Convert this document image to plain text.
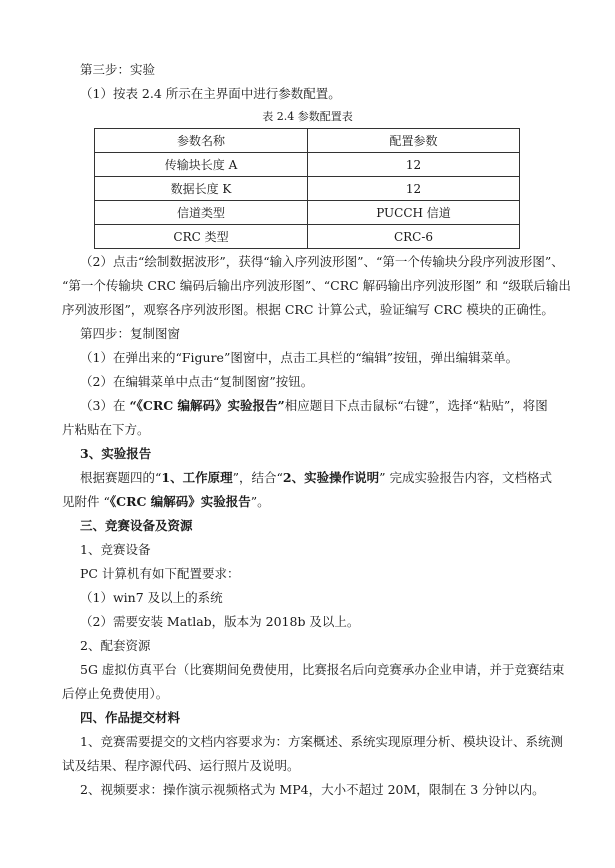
第三步：实验
（1）按表 2.4 所示在主界面中进行参数配置。
表 2.4 参数配置表
参数名称	配置参数
传输块长度 A	12
数据长度 K	12
信道类型	PUCCH 信道
CRC 类型	CRC-6
（2）点击“绘制数据波形”，获得“输入序列波形图”、“第一个传输块分段序列波形图”、
“第一个传输块 CRC 编码后输出序列波形图”、“CRC 解码输出序列波形图” 和 “级联后输出
序列波形图”，观察各序列波形图。根据 CRC 计算公式，验证编写 CRC 模块的正确性。
第四步：复制图窗
（1）在弹出来的“Figure”图窗中，点击工具栏的“编辑”按钮，弹出编辑菜单。
（2）在编辑菜单中点击“复制图窗”按钮。
（3）在 “《CRC 编解码》实验报告”相应题目下点击鼠标“右键”，选择“粘贴”，将图
片粘贴在下方。
3、实验报告
根据赛题四的“1、工作原理”，结合“2、实验操作说明” 完成实验报告内容，文档格式
见附件 “《CRC 编解码》实验报告”。
三、竞赛设备及资源
1、竞赛设备
PC 计算机有如下配置要求：
（1）win7 及以上的系统
（2）需要安装 Matlab，版本为 2018b 及以上。
2、配套资源
5G 虚拟仿真平台（比赛期间免费使用，比赛报名后向竞赛承办企业申请，并于竞赛结束
后停止免费使用）。
四、作品提交材料
1、竞赛需要提交的文档内容要求为：方案概述、系统实现原理分析、模块设计、系统测
试及结果、程序源代码、运行照片及说明。
2、视频要求：操作演示视频格式为 MP4，大小不超过 20M，限制在 3 分钟以内。
